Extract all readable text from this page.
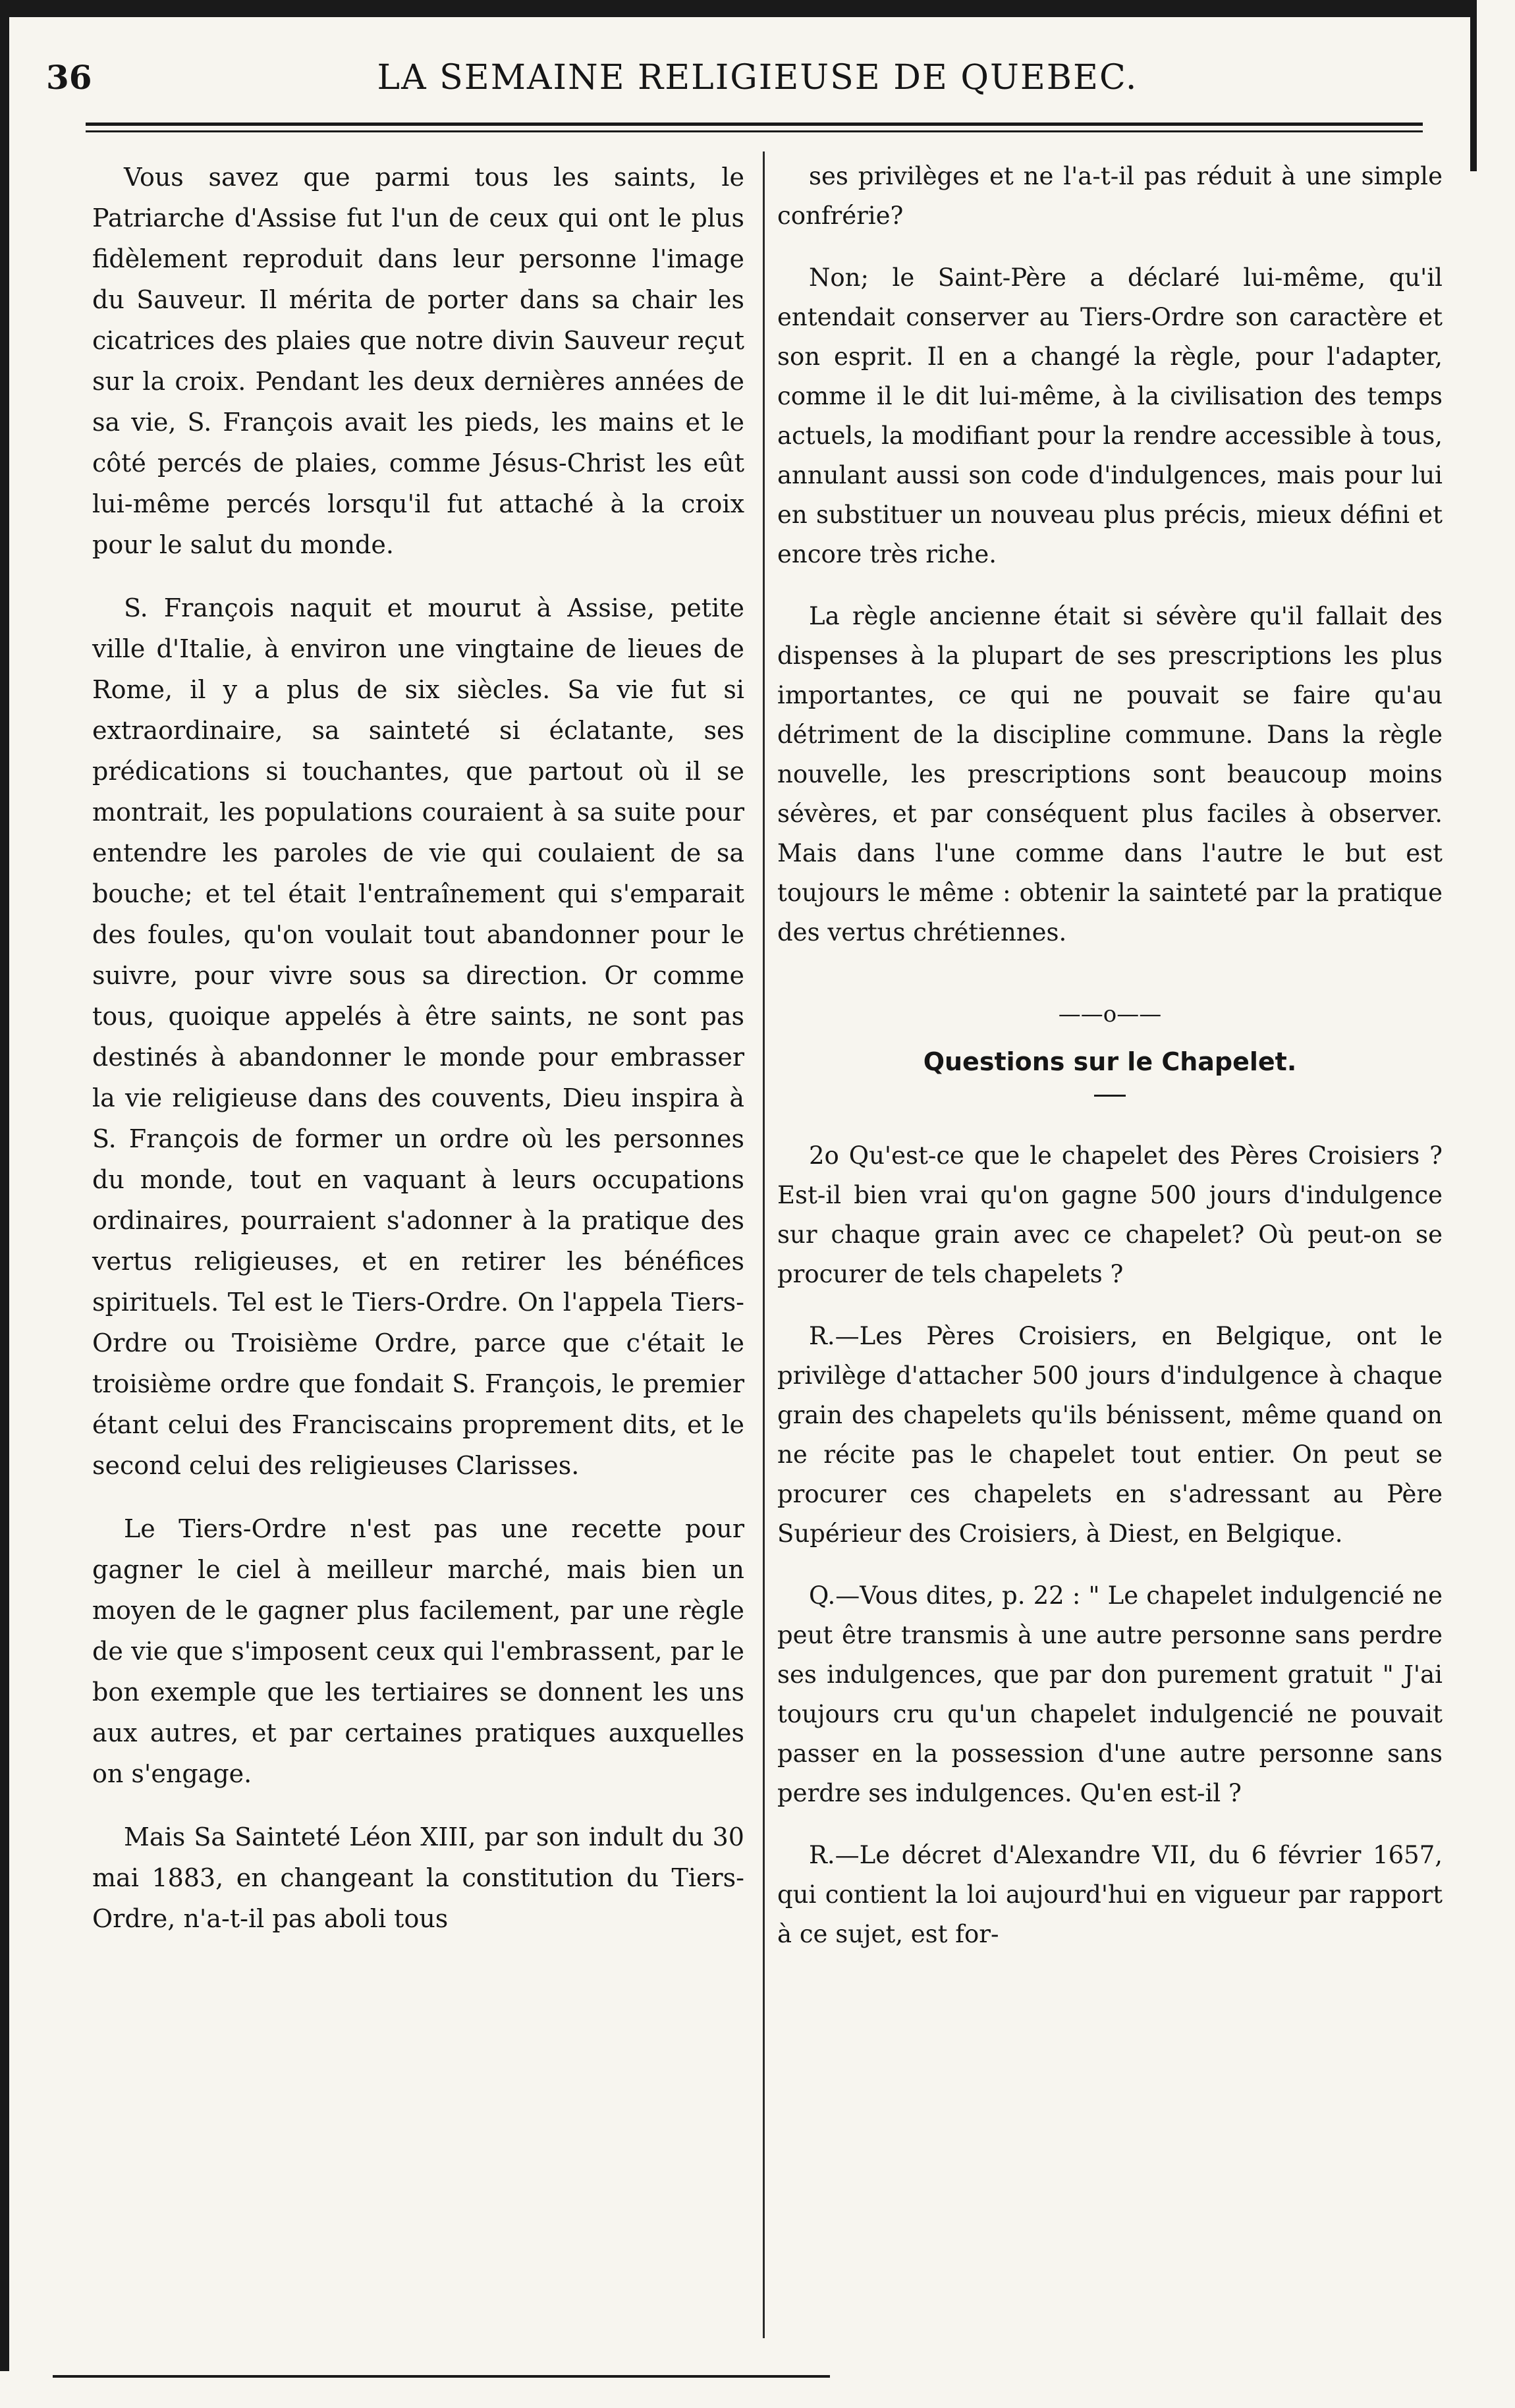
36	LA SEMAINE RELIGIEUSE DE QUEBEC.

Vous savez que parmi tous les saints, le Patriarche d'Assise fut l'un de ceux qui ont le plus fidèlement reproduit dans leur personne l'image du Sauveur. Il mérita de porter dans sa chair les cicatrices des plaies que notre divin Sauveur reçut sur la croix. Pendant les deux dernières années de sa vie, S. François avait les pieds, les mains et le côté percés de plaies, comme Jésus-Christ les eût lui-même percés lorsqu'il fut attaché à la croix pour le salut du monde.

S. François naquit et mourut à Assise, petite ville d'Italie, à environ une vingtaine de lieues de Rome, il y a plus de six siècles. Sa vie fut si extraordinaire, sa sainteté si éclatante, ses prédications si touchantes, que partout où il se montrait, les populations couraient à sa suite pour entendre les paroles de vie qui coulaient de sa bouche; et tel était l'entraînement qui s'emparait des foules, qu'on voulait tout abandonner pour le suivre, pour vivre sous sa direction. Or comme tous, quoique appelés à être saints, ne sont pas destinés à abandonner le monde pour embrasser la vie religieuse dans des couvents, Dieu inspira à S. François de former un ordre où les personnes du monde, tout en vaquant à leurs occupations ordinaires, pourraient s'adonner à la pratique des vertus religieuses, et en retirer les bénéfices spirituels. Tel est le Tiers-Ordre. On l'appela Tiers-Ordre ou Troisième Ordre, parce que c'était le troisième ordre que fondait S. François, le premier étant celui des Franciscains proprement dits, et le second celui des religieuses Clarisses.

Le Tiers-Ordre n'est pas une recette pour gagner le ciel à meilleur marché, mais bien un moyen de le gagner plus facilement, par une règle de vie que s'imposent ceux qui l'embrassent, par le bon exemple que les tertiaires se donnent les uns aux autres, et par certaines pratiques auxquelles on s'engage.

Mais Sa Sainteté Léon XIII, par son indult du 30 mai 1883, en changeant la constitution du Tiers-Ordre, n'a-t-il pas aboli tous

ses privilèges et ne l'a-t-il pas réduit à une simple confrérie?

Non; le Saint-Père a déclaré lui-même, qu'il entendait conserver au Tiers-Ordre son caractère et son esprit. Il en a changé la règle, pour l'adapter, comme il le dit lui-même, à la civilisation des temps actuels, la modifiant pour la rendre accessible à tous, annulant aussi son code d'indulgences, mais pour lui en substituer un nouveau plus précis, mieux défini et encore très riche.

La règle ancienne était si sévère qu'il fallait des dispenses à la plupart de ses prescriptions les plus importantes, ce qui ne pouvait se faire qu'au détriment de la discipline commune. Dans la règle nouvelle, les prescriptions sont beaucoup moins sévères, et par conséquent plus faciles à observer. Mais dans l'une comme dans l'autre le but est toujours le même : obtenir la sainteté par la pratique des vertus chrétiennes.

——o——
Questions sur le Chapelet.

2o Qu'est-ce que le chapelet des Pères Croisiers ? Est-il bien vrai qu'on gagne 500 jours d'indulgence sur chaque grain avec ce chapelet? Où peut-on se procurer de tels chapelets ?

R.—Les Pères Croisiers, en Belgique, ont le privilège d'attacher 500 jours d'indulgence à chaque grain des chapelets qu'ils bénissent, même quand on ne récite pas le chapelet tout entier. On peut se procurer ces chapelets en s'adressant au Père Supérieur des Croisiers, à Diest, en Belgique.

Q.—Vous dites, p. 22 : " Le chapelet indulgencié ne peut être transmis à une autre personne sans perdre ses indulgences, que par don purement gratuit " J'ai toujours cru qu'un chapelet indulgencié ne pouvait passer en la possession d'une autre personne sans perdre ses indulgences. Qu'en est-il ?

R.—Le décret d'Alexandre VII, du 6 février 1657, qui contient la loi aujourd'hui en vigueur par rapport à ce sujet, est for-
